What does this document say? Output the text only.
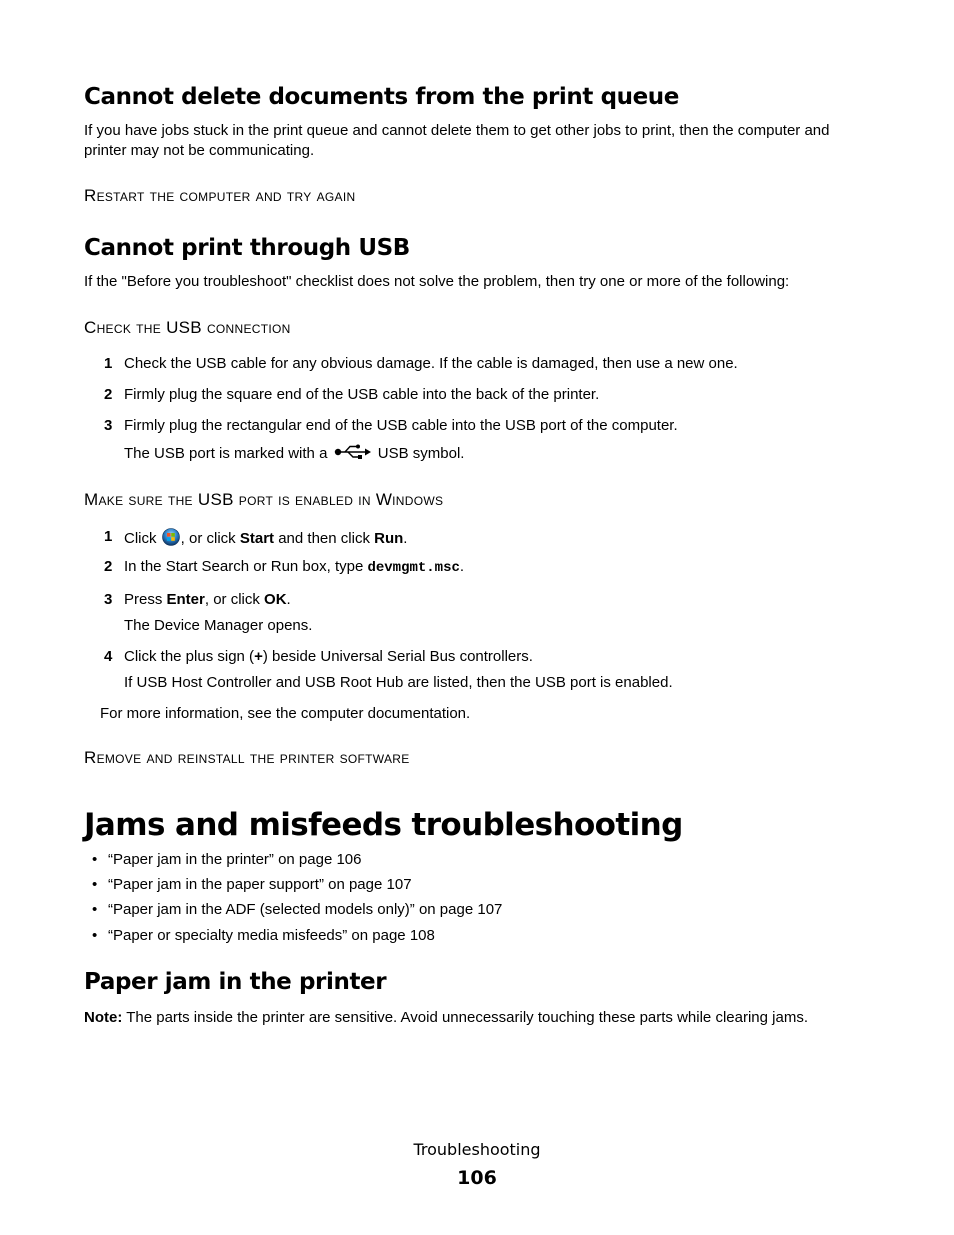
Cannot delete documents from the print queue
If you have jobs stuck in the print queue and cannot delete them to get other jobs to print, then the computer and printer may not be communicating.
Restart the computer and try again
Cannot print through USB
If the "Before you troubleshoot" checklist does not solve the problem, then try one or more of the following:
Check the USB connection
1 Check the USB cable for any obvious damage. If the cable is damaged, then use a new one.
2 Firmly plug the square end of the USB cable into the back of the printer.
3 Firmly plug the rectangular end of the USB cable into the USB port of the computer.
The USB port is marked with a	USB symbol.
Make sure the USB port is enabled in Windows
1 Click , or click Start and then click Run.
2 In the Start Search or Run box, type devmgmt.msc.
3 Press Enter, or click OK.
The Device Manager opens.
4 Click the plus sign (+) beside Universal Serial Bus controllers.
If USB Host Controller and USB Root Hub are listed, then the USB port is enabled.
For more information, see the computer documentation.
Remove and reinstall the printer software
Jams and misfeeds troubleshooting
• “Paper jam in the printer” on page 106
• “Paper jam in the paper support” on page 107
• “Paper jam in the ADF (selected models only)” on page 107
• “Paper or specialty media misfeeds” on page 108
Paper jam in the printer
Note: The parts inside the printer are sensitive. Avoid unnecessarily touching these parts while clearing jams.
Troubleshooting
106
